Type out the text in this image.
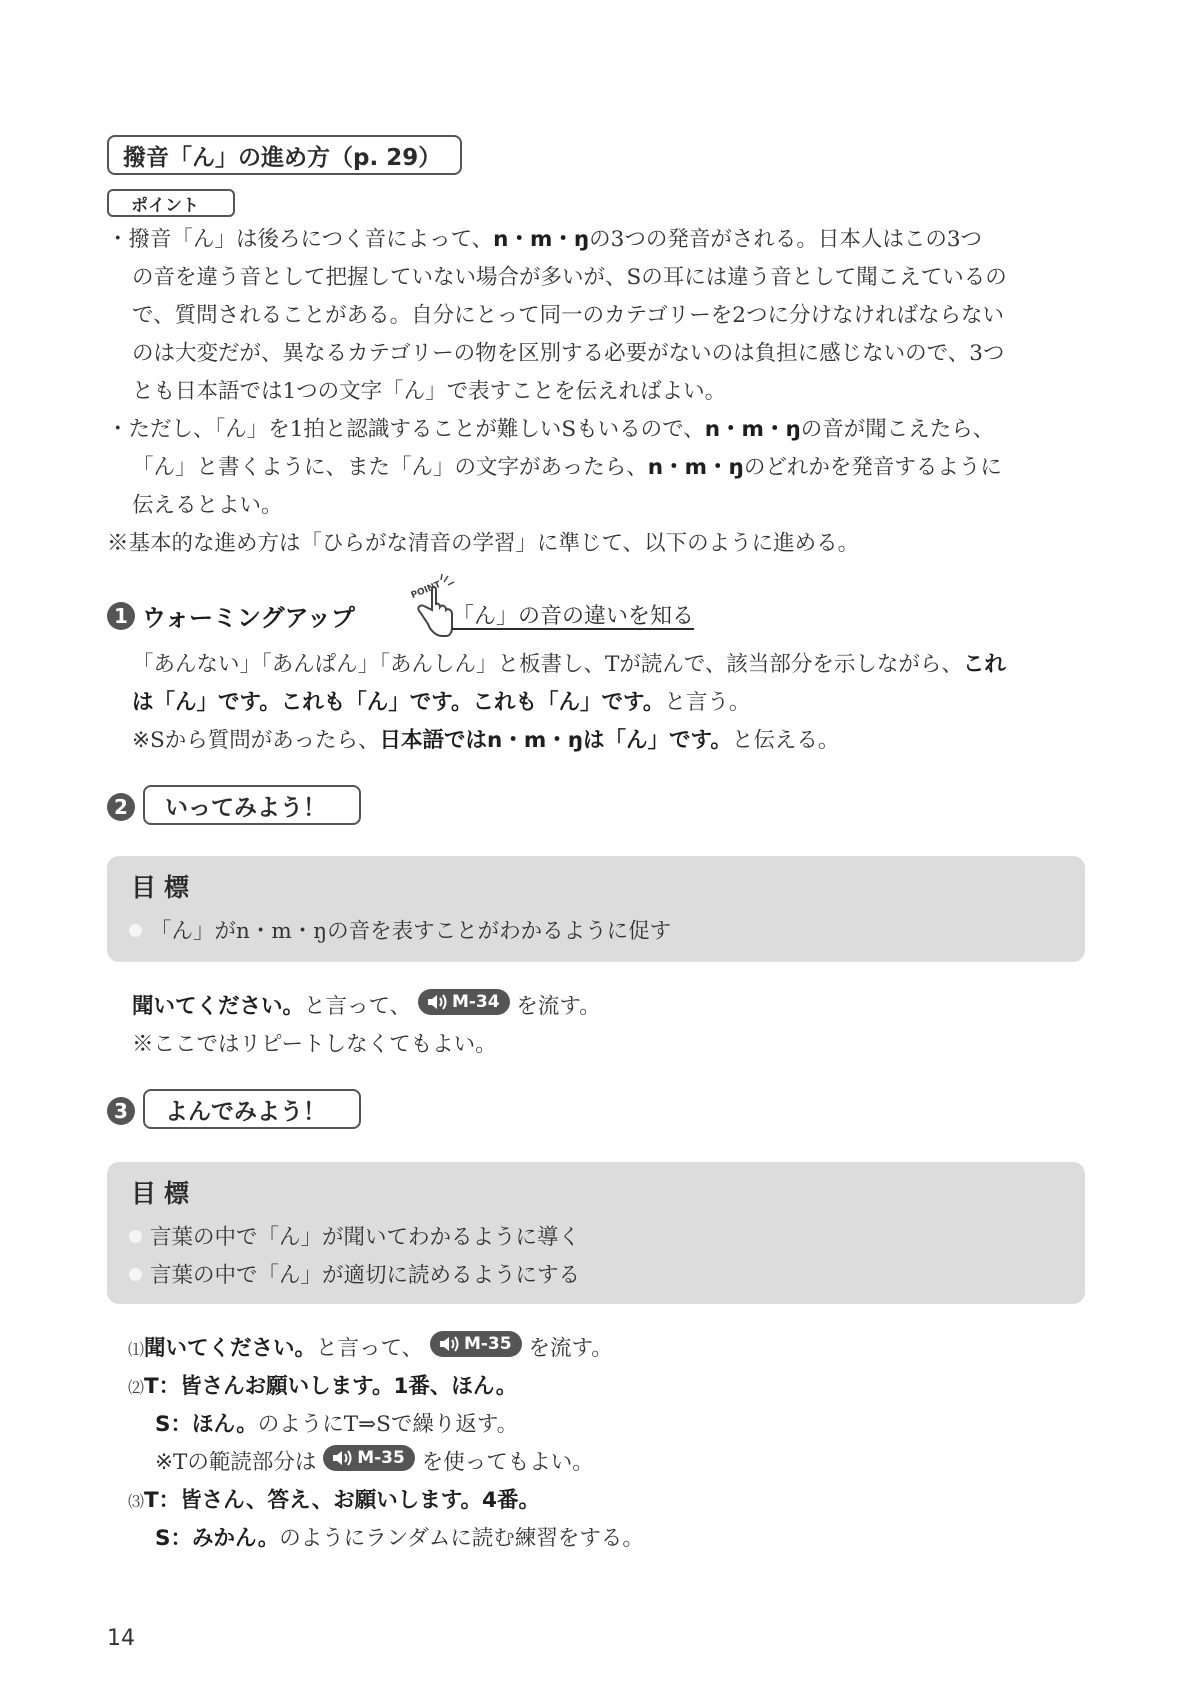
撥音「ん」の進め方（p. 29）
ポイント
・撥音「ん」は後ろにつく音によって、n・m・ŋの3つの発音がされる。日本人はこの3つ
の音を違う音として把握していない場合が多いが、Sの耳には違う音として聞こえているの
で、質問されることがある。自分にとって同一のカテゴリーを2つに分けなければならない
のは大変だが、異なるカテゴリーの物を区別する必要がないのは負担に感じないので、3つ
とも日本語では1つの文字「ん」で表すことを伝えればよい。
・ただし、「ん」を1拍と認識することが難しいSもいるので、n・m・ŋの音が聞こえたら、
「ん」と書くように、また「ん」の文字があったら、n・m・ŋのどれかを発音するように
伝えるとよい。
※基本的な進め方は「ひらがな清音の学習」に準じて、以下のように進める。
1 ウォーミングアップ
POINT
「ん」の音の違いを知る
「あんない」「あんぱん」「あんしん」と板書し、Tが読んで、該当部分を示しながら、これ
は「ん」です。これも「ん」です。これも「ん」です。と言う。
※Sから質問があったら、日本語ではn・m・ŋは「ん」です。と伝える。
2	いってみよう！
目標
「ん」がn・m・ŋの音を表すことがわかるように促す
聞いてください。と言って、 M-34 を流す。
※ここではリピートしなくてもよい。
3	よんでみよう！
目標
言葉の中で「ん」が聞いてわかるように導く
言葉の中で「ん」が適切に読めるようにする
⑴聞いてください。と言って、 M-35 を流す。
⑵T：皆さんお願いします。1番、ほん。
S：ほん。のようにT⇒Sで繰り返す。
※Tの範読部分は M-35 を使ってもよい。
⑶T：皆さん、答え、お願いします。4番。
S：みかん。のようにランダムに読む練習をする。
14
